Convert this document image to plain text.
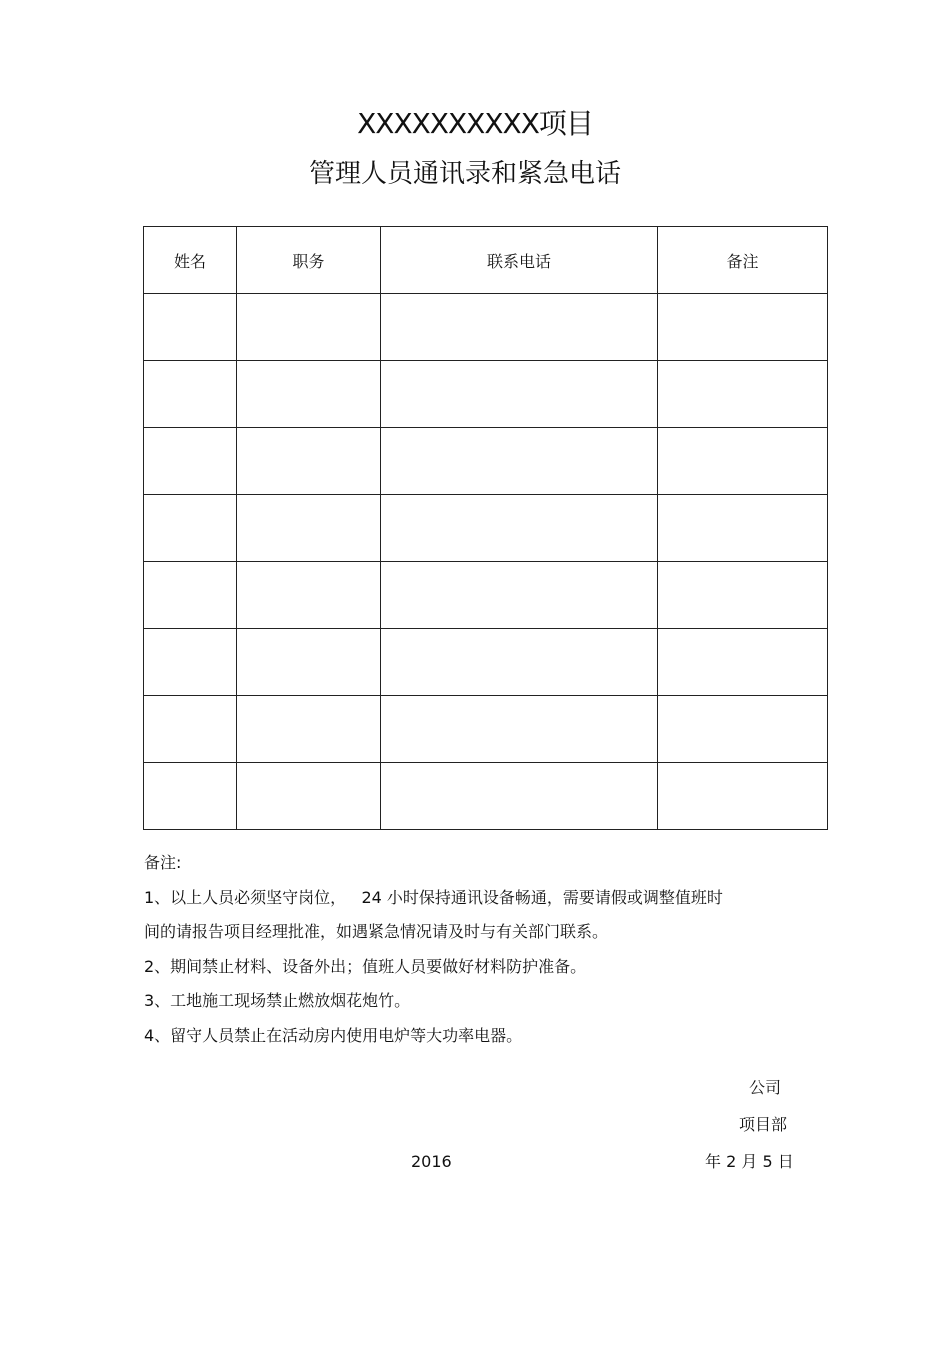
XXXXXXXXXX项目
管理人员通讯录和紧急电话
姓名	职务	联系电话	备注

备注:
1、以上人员必须坚守岗位，   24 小时保持通讯设备畅通，需要请假或调整值班时
间的请报告项目经理批准，如遇紧急情况请及时与有关部门联系。
2、期间禁止材料、设备外出；值班人员要做好材料防护准备。
3、工地施工现场禁止燃放烟花炮竹。
4、留守人员禁止在活动房内使用电炉等大功率电器。
公司
项目部
2016	年 2 月 5 日
